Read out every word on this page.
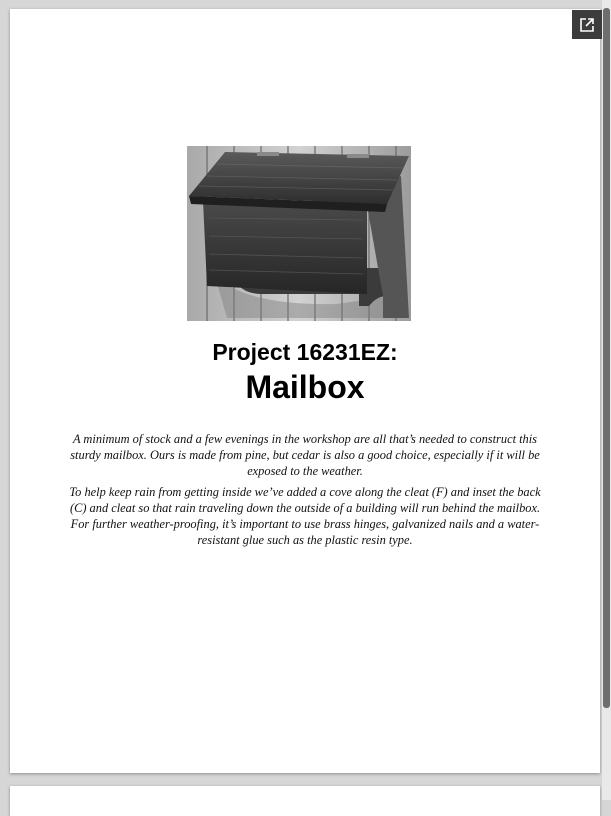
Project 16231EZ:
Mailbox

A minimum of stock and a few evenings in the workshop are all that’s needed to construct this sturdy mailbox. Ours is made from pine, but cedar is also a good choice, especially if it will be exposed to the weather.

To help keep rain from getting inside we’ve added a cove along the cleat (F) and inset the back (C) and cleat so that rain traveling down the outside of a building will run behind the mailbox. For further weather-proofing, it’s important to use brass hinges, galvanized nails and a water-resistant glue such as the plastic resin type.
